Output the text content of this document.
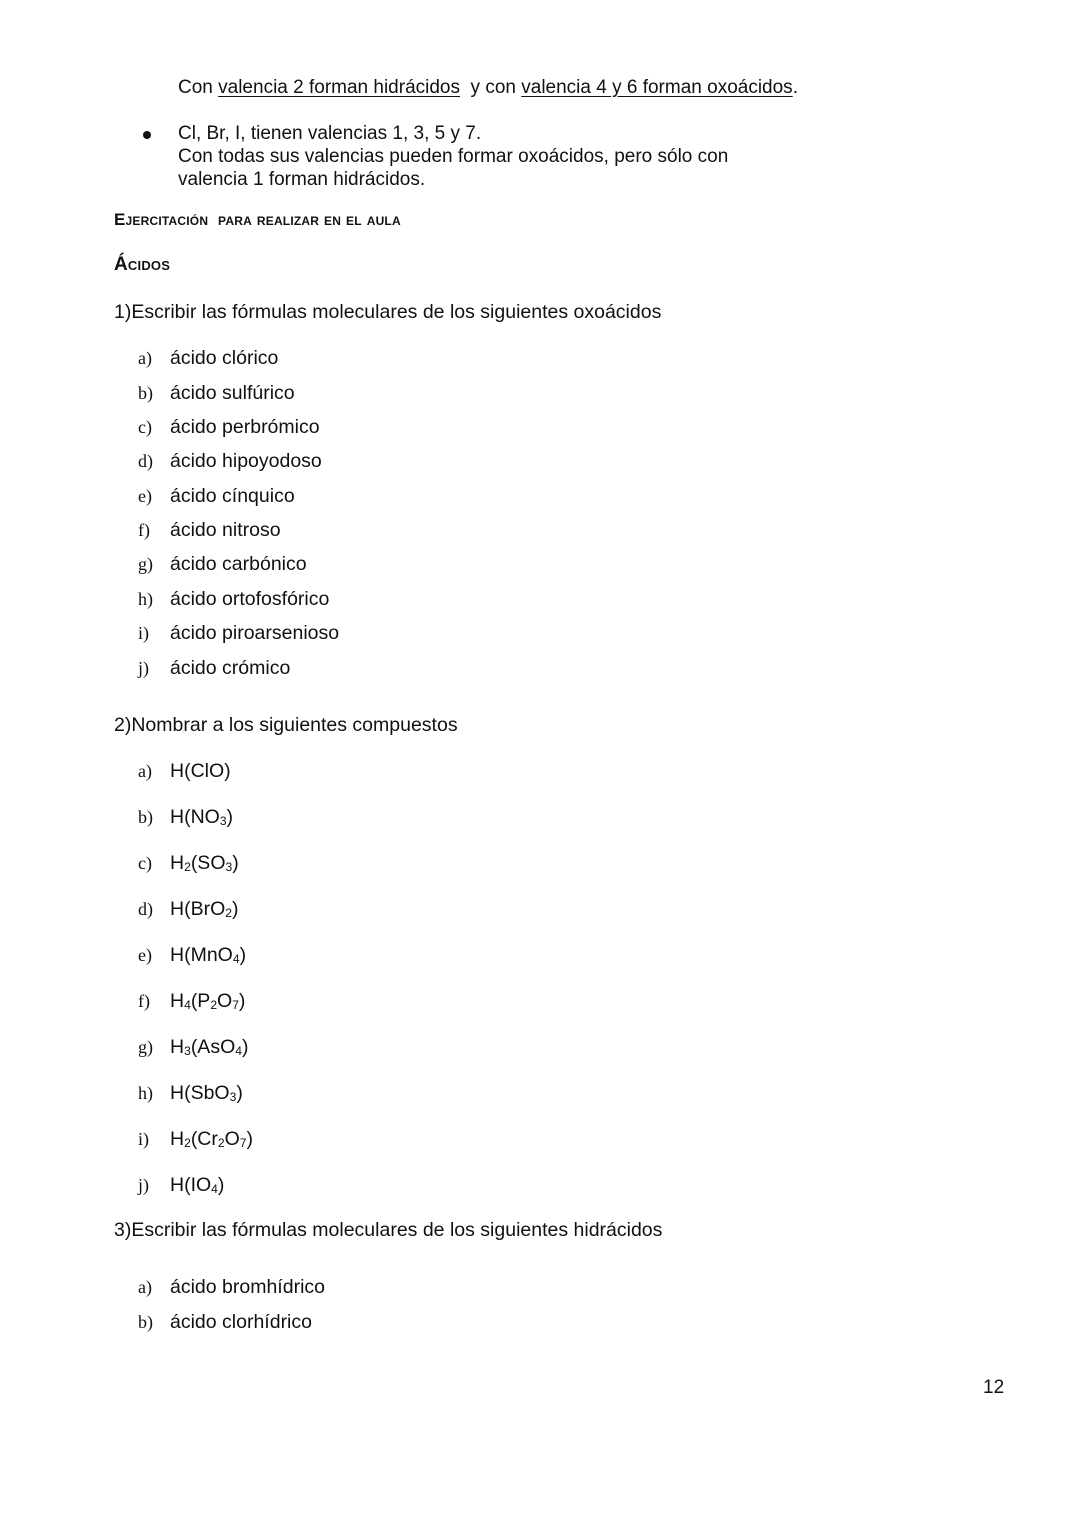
Con valencia 2 forman hidrácidos  y con valencia 4 y 6 forman oxoácidos.
Cl, Br, I, tienen valencias 1, 3, 5 y 7.
Con todas sus valencias pueden formar oxoácidos, pero sólo con
valencia 1 forman hidrácidos.
Ejercitación  para realizar en el aula
Ácidos
1)Escribir las fórmulas moleculares de los siguientes oxoácidos
a) ácido clórico
b) ácido sulfúrico
c) ácido perbrómico
d) ácido hipoyodoso
e) ácido cínquico
f) ácido nitroso
g) ácido carbónico
h) ácido ortofosfórico
i) ácido piroarsenioso
j) ácido crómico
2)Nombrar a los siguientes compuestos
a) H(ClO)
b) $H(NO_3)$
c) $H_2(SO_3)$
d) H(BrO$_2$)
e) H(MnO$_4$)
f) $H_4(P_2O_7)$
g) $H_3(AsO_4)$
h) H(SbO$_3$)
i) $H_2(Cr_2O_7)$
j) $H(IO_4)$
3)Escribir las fórmulas moleculares de los siguientes hidrácidos
a) ácido bromhídrico
b) ácido clorhídrico
12
